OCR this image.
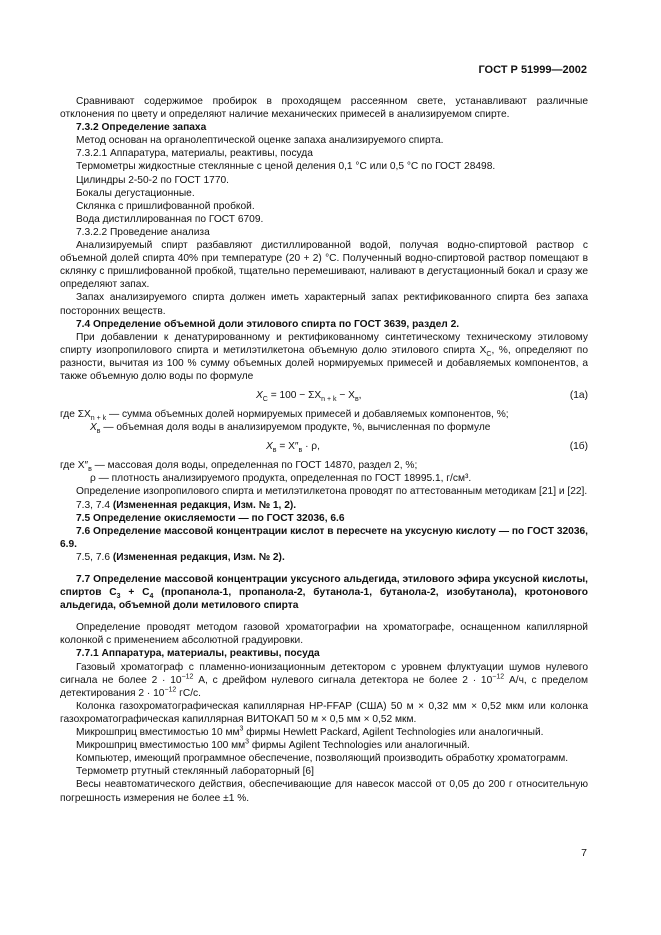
ГОСТ Р 51999—2002

Сравнивают содержимое пробирок в проходящем рассеянном свете, устанавливают различные отклонения по цвету и определяют наличие механических примесей в анализируемом спирте.

7.3.2 Определение запаха

Метод основан на органолептической оценке запаха анализируемого спирта.

7.3.2.1 Аппаратура, материалы, реактивы, посуда

Термометры жидкостные стеклянные с ценой деления 0,1 °С или 0,5 °С по ГОСТ 28498.

Цилиндры 2-50-2 по ГОСТ 1770.

Бокалы дегустационные.

Склянка с пришлифованной пробкой.

Вода дистиллированная по ГОСТ 6709.

7.3.2.2 Проведение анализа

Анализируемый спирт разбавляют дистиллированной водой, получая водно-спиртовой раствор с объемной долей спирта 40% при температуре (20 + 2) °С. Полученный водно-спиртовой раствор помещают в склянку с пришлифованной пробкой, тщательно перемешивают, наливают в дегустационный бокал и сразу же определяют запах.

Запах анализируемого спирта должен иметь характерный запах ректификованного спирта без запаха посторонних веществ.

7.4 Определение объемной доли этилового спирта по ГОСТ 3639, раздел 2.

При добавлении к денатурированному и ректификованному синтетическому техническому этиловому спирту изопропилового спирта и метилэтилкетона объемную долю этилового спирта $X_C$, %, определяют по разности, вычитая из 100 % сумму объемных долей нормируемых примесей и добавляемых компонентов, а также объемную долю воды по формуле

$X_C = 100 - \Sigma X_{n + k} - X_в$,	(1а)

где $\Sigma X_{n + k}$ — сумма объемных долей нормируемых примесей и добавляемых компонентов, %;

$X_в$ — объемная доля воды в анализируемом продукте, %, вычисленная по формуле

$X_в = X''_в \cdot \rho$,	(1б)

где $X''_в$ — массовая доля воды, определенная по ГОСТ 14870, раздел 2, %;

ρ — плотность анализируемого продукта, определенная по ГОСТ 18995.1, г/см³.

Определение изопропилового спирта и метилэтилкетона проводят по аттестованным методикам [21] и [22].

7.3, 7.4 (Измененная редакция, Изм. № 1, 2).

7.5 Определение окисляемости — по ГОСТ 32036, 6.6

7.6 Определение массовой концентрации кислот в пересчете на уксусную кислоту — по ГОСТ 32036, 6.9.

7.5, 7.6 (Измененная редакция, Изм. № 2).

7.7 Определение массовой концентрации уксусного альдегида, этилового эфира уксусной кислоты, спиртов $C_3 + C_4$ (пропанола-1, пропанола-2, бутанола-1, бутанола-2, изобутанола), кротонового альдегида, объемной доли метилового спирта

Определение проводят методом газовой хроматографии на хроматографе, оснащенном капиллярной колонкой с применением абсолютной градуировки.

7.7.1 Аппаратура, материалы, реактивы, посуда

Газовый хроматограф с пламенно-ионизационным детектором с уровнем флуктуации шумов нулевого сигнала не более $2 \cdot 10^{-12}$ А, с дрейфом нулевого сигнала детектора не более $2 \cdot 10^{-12}$ А/ч, с пределом детектирования $2 \cdot 10^{-12}$ гС/с.

Колонка газохроматографическая капиллярная HP-FFAP (США) 50 м × 0,32 мм × 0,52 мкм или колонка газохроматографическая капиллярная ВИТОКАП 50 м × 0,5 мм × 0,52 мкм.

Микрошприц вместимостью 10 $мм^3$ фирмы Hewlett Packard, Agilent Technologies или аналогичный.

Микрошприц вместимостью 100 $мм^3$ фирмы Agilent Technologies или аналогичный.

Компьютер, имеющий программное обеспечение, позволяющий производить обработку хроматограмм.

Термометр ртутный стеклянный лабораторный [6]

Весы неавтоматического действия, обеспечивающие для навесок массой от 0,05 до 200 г относительную погрешность измерения не более ±1 %.

7
